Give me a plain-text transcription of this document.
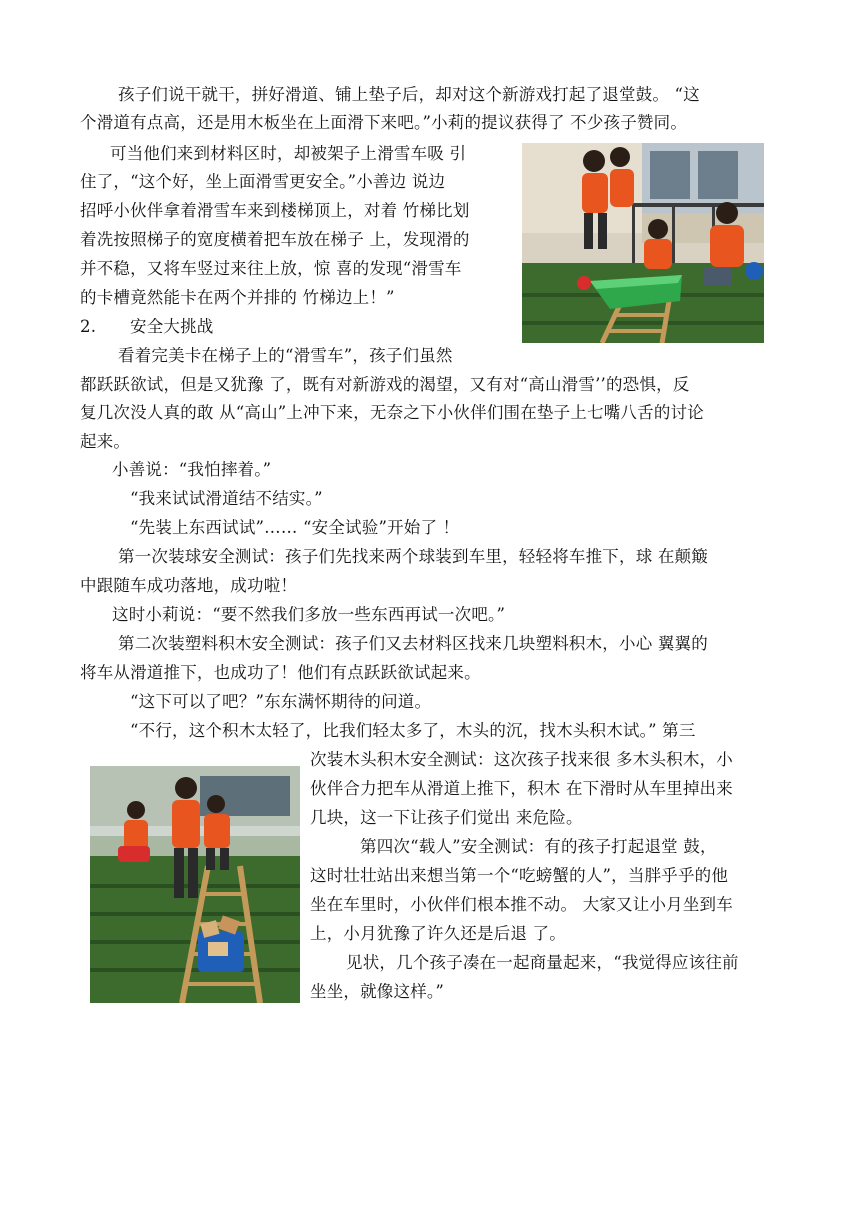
孩子们说干就干，拼好滑道、铺上垫子后，却对这个新游戏打起了退堂鼓。 “这
个滑道有点高，还是用木板坐在上面滑下来吧。”小莉的提议获得了 不少孩子赞同。
可当他们来到材料区时，却被架子上滑雪车吸 引
住了，“这个好，坐上面滑雪更安全。”小善边 说边
招呼小伙伴拿着滑雪车来到楼梯顶上，对着 竹梯比划
着冼按照梯子的宽度横着把车放在梯子 上，发现滑的
并不稳，又将车竖过来往上放，惊 喜的发现“滑雪车
的卡槽竟然能卡在两个并排的 竹梯边上！”
2. 安全大挑战
看着完美卡在梯子上的“滑雪车”，孩子们虽然
都跃跃欲试，但是又犹豫 了，既有对新游戏的渴望，又有对“高山滑雪’’的恐惧，反
复几次没人真的敢 从“高山”上冲下来，无奈之下小伙伴们围在垫子上七嘴八舌的讨论
起来。
小善说：“我怕摔着。”
“我来试试滑道结不结实。”
“先装上东西试试”…… “安全试验”开始了 ！
第一次装球安全测试：孩子们先找来两个球装到车里，轻轻将车推下，球 在颠簸
中跟随车成功落地，成功啦！
这时小莉说：“要不然我们多放一些东西再试一次吧。”
第二次装塑料积木安全测试：孩子们又去材料区找来几块塑料积木，小心 翼翼的
将车从滑道推下，也成功了！他们有点跃跃欲试起来。
“这下可以了吧？”东东满怀期待的问道。
“不行，这个积木太轻了，比我们轻太多了，木头的沉，找木头积木试。” 第三
次装木头积木安全测试：这次孩子找来很 多木头积木，小
伙伴合力把车从滑道上推下，积木 在下滑时从车里掉出来
几块，这一下让孩子们觉出 来危险。
第四次“载人”安全测试：有的孩子打起退堂 鼓，
这时壮壮站出来想当第一个“吃螃蟹的人”，当胖乎乎的他
坐在车里时，小伙伴们根本推不动。 大家又让小月坐到车
上，小月犹豫了许久还是后退 了。
见状，几个孩子凑在一起商量起来，“我觉得应该往前
坐坐，就像这样。”
